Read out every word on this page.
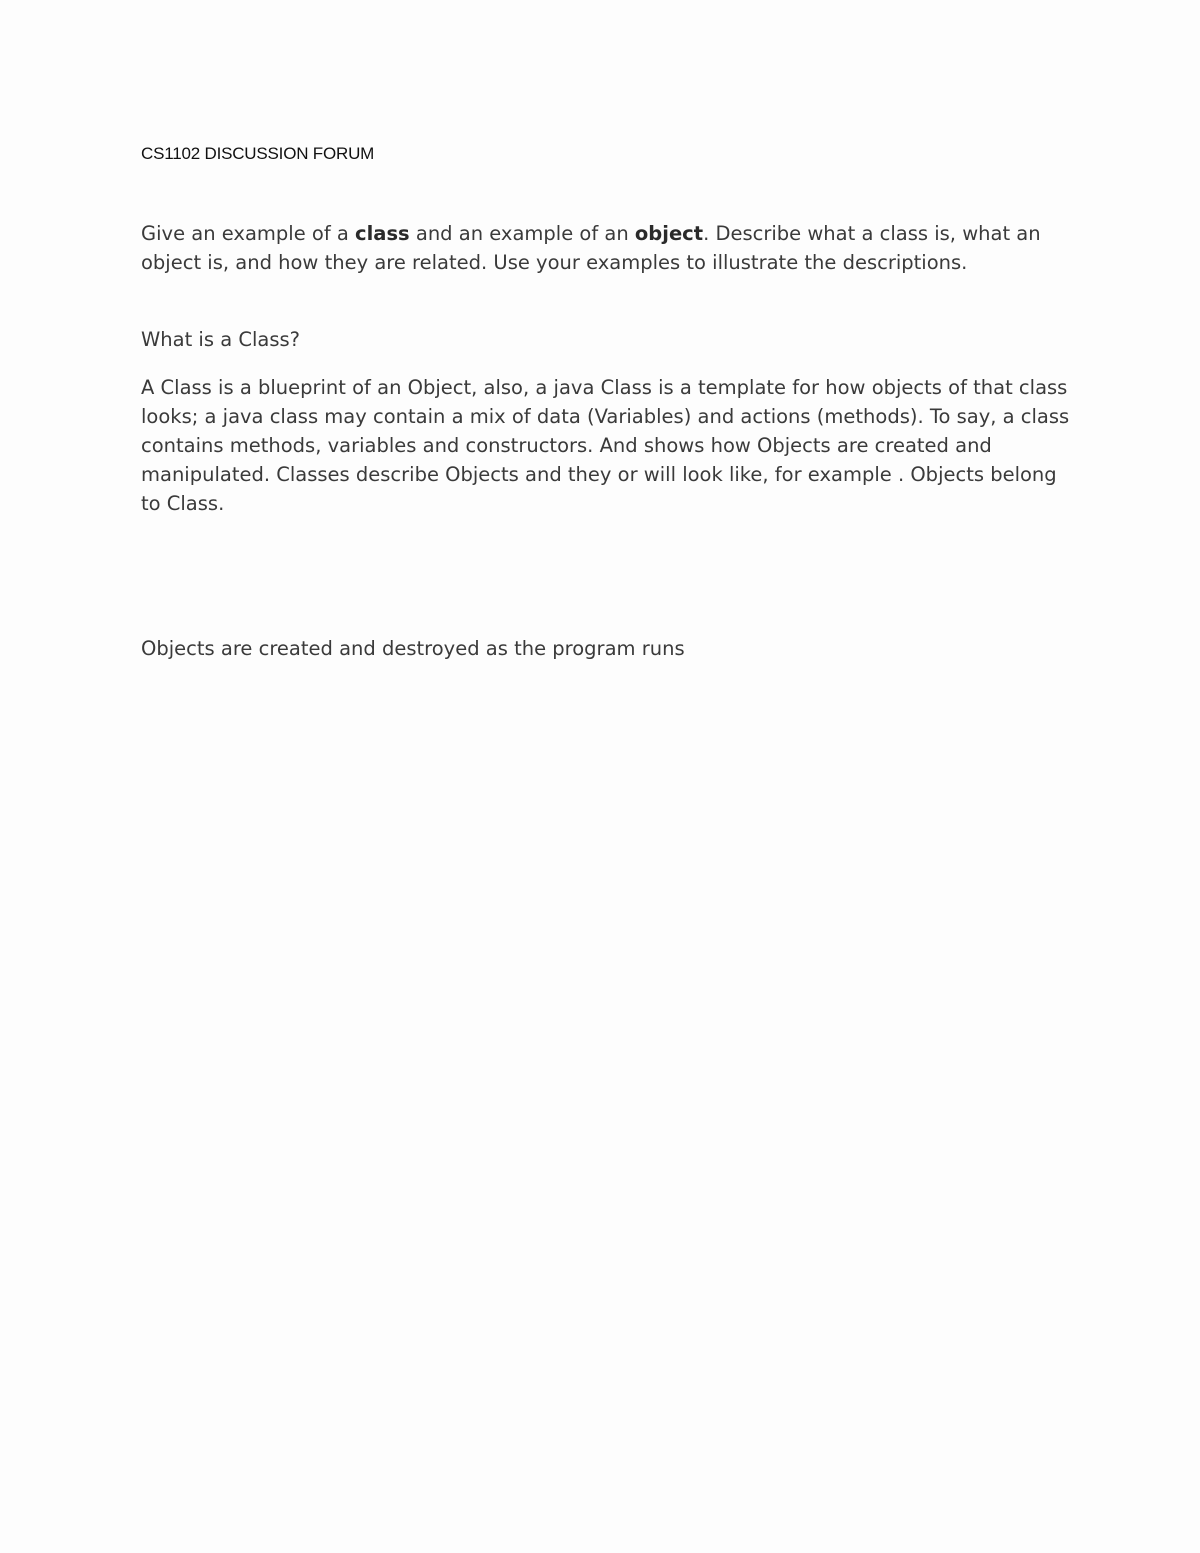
CS1102 DISCUSSION FORUM

Give an example of a class and an example of an object. Describe what a class is, what an object is, and how they are related. Use your examples to illustrate the descriptions.

What is a Class?

A Class is a blueprint of an Object, also, a java Class is a template for how objects of that class looks; a java class may contain a mix of data (Variables) and actions (methods). To say, a class contains methods, variables and constructors. And shows how Objects are created and manipulated. Classes describe Objects and they or will look like, for example . Objects belong to Class.

Objects are created and destroyed as the program runs
